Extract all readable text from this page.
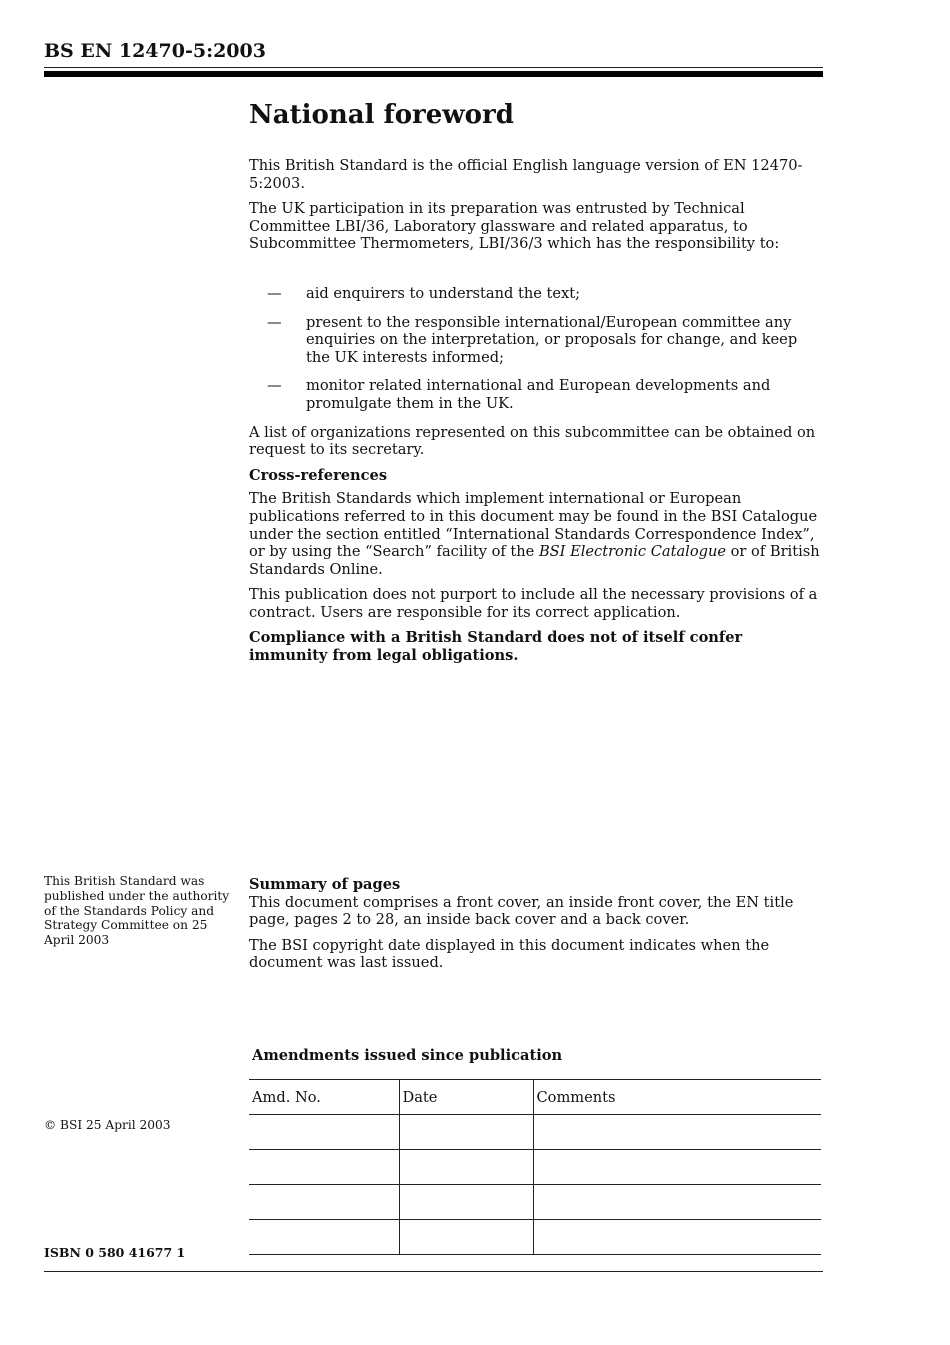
BS EN 12470-5:2003
National foreword

This British Standard is the official English language version of EN 12470-5:2003.

The UK participation in its preparation was entrusted by Technical Committee LBI/36, Laboratory glassware and related apparatus, to Subcommittee Thermometers, LBI/36/3 which has the responsibility to:

— aid enquirers to understand the text;
— present to the responsible international/European committee any enquiries on the interpretation, or proposals for change, and keep the UK interests informed;
— monitor related international and European developments and promulgate them in the UK.

A list of organizations represented on this subcommittee can be obtained on request to its secretary.

Cross-references

The British Standards which implement international or European publications referred to in this document may be found in the BSI Catalogue under the section entitled “International Standards Correspondence Index”, or by using the “Search” facility of the BSI Electronic Catalogue or of British Standards Online.

This publication does not purport to include all the necessary provisions of a contract. Users are responsible for its correct application.

Compliance with a British Standard does not of itself confer immunity from legal obligations.

This British Standard was published under the authority of the Standards Policy and Strategy Committee on 25 April 2003

Summary of pages

This document comprises a front cover, an inside front cover, the EN title page, pages 2 to 28, an inside back cover and a back cover.

The BSI copyright date displayed in this document indicates when the document was last issued.

Amendments issued since publication
Amd. No.	Date	Comments

© BSI 25 April 2003
ISBN 0 580 41677 1
